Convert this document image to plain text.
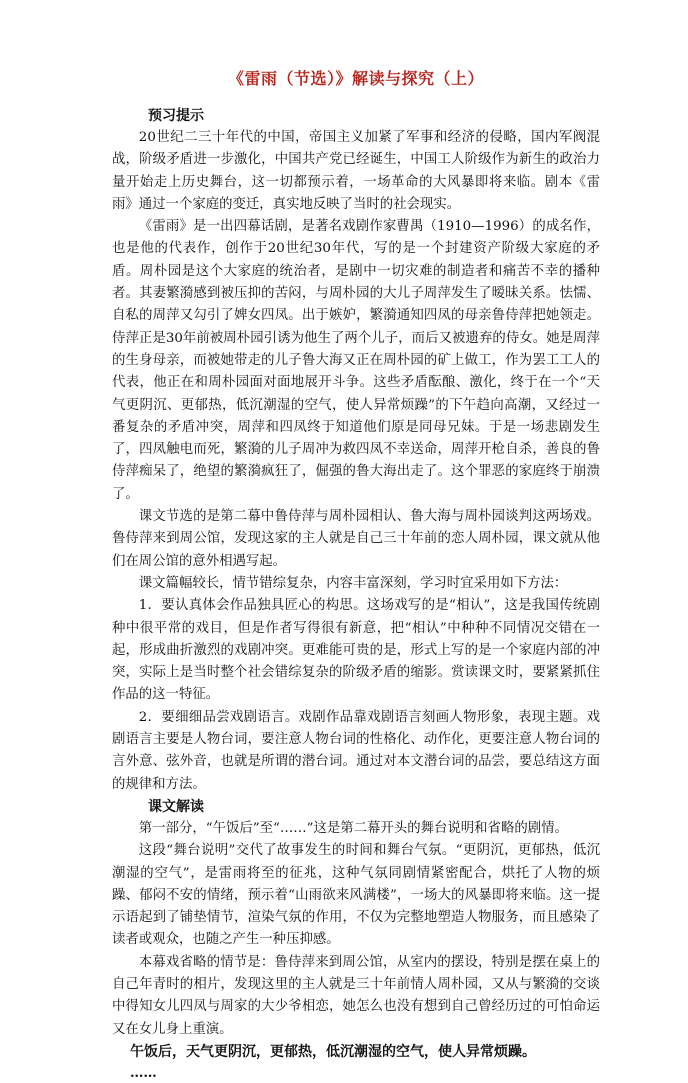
《雷雨（节选）》解读与探究（上）

预习提示

20世纪二三十年代的中国，帝国主义加紧了军事和经济的侵略，国内军阀混战，阶级矛盾进一步激化，中国共产党已经诞生，中国工人阶级作为新生的政治力量开始走上历史舞台，这一切都预示着，一场革命的大风暴即将来临。剧本《雷雨》通过一个家庭的变迁，真实地反映了当时的社会现实。

《雷雨》是一出四幕话剧，是著名戏剧作家曹禺（1910—1996）的成名作，也是他的代表作，创作于20世纪30年代，写的是一个封建资产阶级大家庭的矛盾。周朴园是这个大家庭的统治者，是剧中一切灾难的制造者和痛苦不幸的播种者。其妻繁漪感到被压抑的苦闷，与周朴园的大儿子周萍发生了暧昧关系。怯懦、自私的周萍又勾引了婢女四凤。出于嫉妒，繁漪通知四凤的母亲鲁侍萍把她领走。侍萍正是30年前被周朴园引诱为他生了两个儿子，而后又被遗弃的侍女。她是周萍的生身母亲，而被她带走的儿子鲁大海又正在周朴园的矿上做工，作为罢工工人的代表，他正在和周朴园面对面地展开斗争。这些矛盾酝酿、激化，终于在一个“天气更阴沉、更郁热，低沉潮湿的空气，使人异常烦躁”的下午趋向高潮，又经过一番复杂的矛盾冲突，周萍和四凤终于知道他们原是同母兄妹。于是一场悲剧发生了，四凤触电而死，繁漪的儿子周冲为救四凤不幸送命，周萍开枪自杀，善良的鲁侍萍痴呆了，绝望的繁漪疯狂了，倔强的鲁大海出走了。这个罪恶的家庭终于崩溃了。

课文节选的是第二幕中鲁侍萍与周朴园相认、鲁大海与周朴园谈判这两场戏。鲁侍萍来到周公馆，发现这家的主人就是自己三十年前的恋人周朴园，课文就从他们在周公馆的意外相遇写起。

课文篇幅较长，情节错综复杂，内容丰富深刻，学习时宜采用如下方法：

1．要认真体会作品独具匠心的构思。这场戏写的是“相认”，这是我国传统剧种中很平常的戏目，但是作者写得很有新意，把“相认”中种种不同情况交错在一起，形成曲折激烈的戏剧冲突。更难能可贵的是，形式上写的是一个家庭内部的冲突，实际上是当时整个社会错综复杂的阶级矛盾的缩影。赏读课文时，要紧紧抓住作品的这一特征。

2．要细细品尝戏剧语言。戏剧作品靠戏剧语言刻画人物形象，表现主题。戏剧语言主要是人物台词，要注意人物台词的性格化、动作化，更要注意人物台词的言外意、弦外音，也就是所谓的潜台词。通过对本文潜台词的品尝，要总结这方面的规律和方法。

课文解读

第一部分，“午饭后”至“……”这是第二幕开头的舞台说明和省略的剧情。

这段“舞台说明”交代了故事发生的时间和舞台气氛。“更阴沉，更郁热，低沉潮湿的空气”，是雷雨将至的征兆，这种气氛同剧情紧密配合，烘托了人物的烦躁、郁闷不安的情绪，预示着“山雨欲来风满楼”，一场大的风暴即将来临。这一提示语起到了铺垫情节，渲染气氛的作用，不仅为完整地塑造人物服务，而且感染了读者或观众，也随之产生一种压抑感。

本幕戏省略的情节是：鲁侍萍来到周公馆，从室内的摆设，特别是摆在桌上的自己年青时的相片，发现这里的主人就是三十年前情人周朴园，又从与繁漪的交谈中得知女儿四凤与周家的大少爷相恋，她怎么也没有想到自己曾经历过的可怕命运又在女儿身上重演。

午饭后，天气更阴沉，更郁热，低沉潮湿的空气，使人异常烦躁。

……
